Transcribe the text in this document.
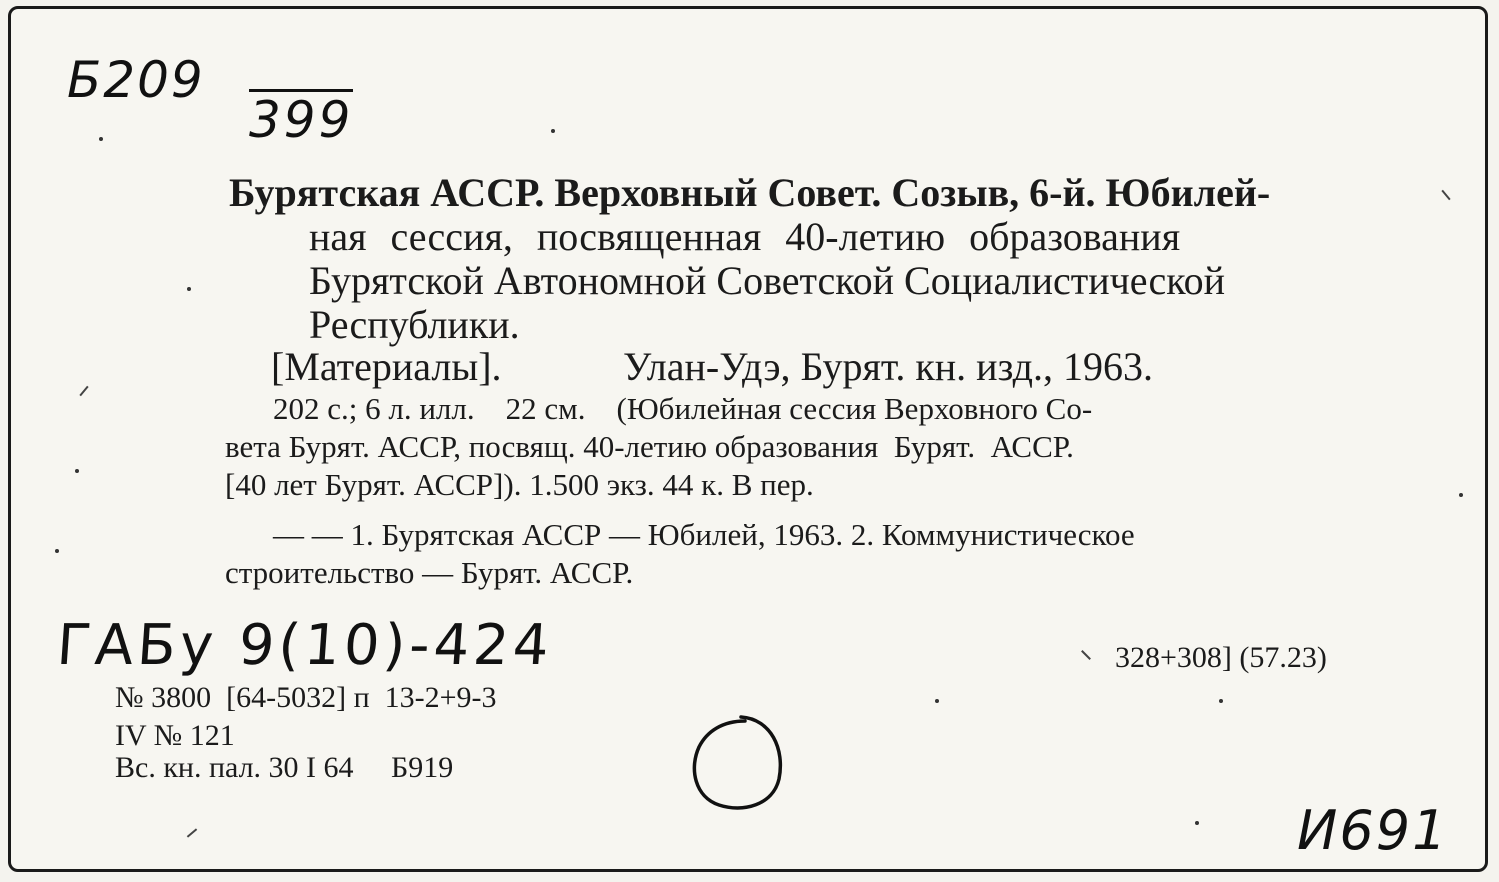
Б209
399
Бурятская АССР. Верховный Совет. Созыв, 6-й. Юбилей-
ная сессия, посвященная 40-летию образования
Бурятской Автономной Советской Социалистической
Республики.
[Материалы].	Улан-Удэ, Бурят. кн. изд., 1963.
202 с.; 6 л. илл.    22 см.    (Юбилейная сессия Верховного Со-
вета Бурят. АССР, посвящ. 40-летию образования  Бурят.  АССР.
[40 лет Бурят. АССР]). 1.500 экз. 44 к. В пер.
— — 1. Бурятская АССР — Юбилей, 1963. 2. Коммунистическое
строительство — Бурят. АССР.
ГАБу 9(10)-424	328+308] (57.23)
№ 3800  [64-5032] п  13-2+9-3
IV № 121
Вс. кн. пал. 30 I 64     Б919
И691
